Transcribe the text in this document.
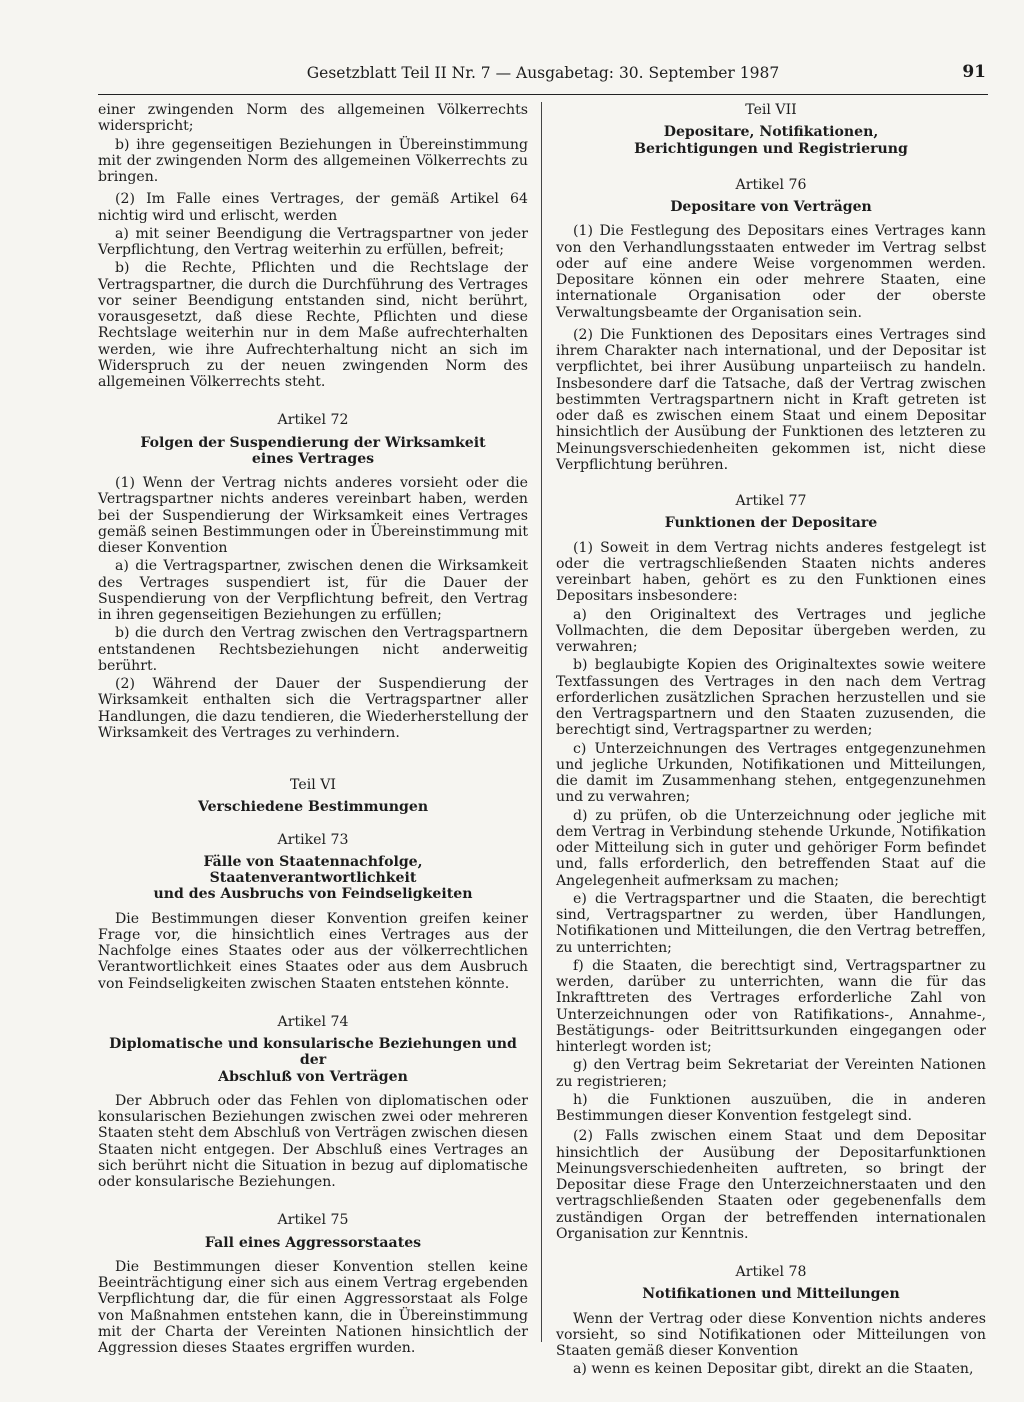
Gesetzblatt Teil II Nr. 7 — Ausgabetag: 30. September 1987	91

einer zwingenden Norm des allgemeinen Völkerrechts widerspricht;

b) ihre gegenseitigen Beziehungen in Übereinstimmung mit der zwingenden Norm des allgemeinen Völkerrechts zu bringen.

(2) Im Falle eines Vertrages, der gemäß Artikel 64 nichtig wird und erlischt, werden

a) mit seiner Beendigung die Vertragspartner von jeder Verpflichtung, den Vertrag weiterhin zu erfüllen, befreit;

b) die Rechte, Pflichten und die Rechtslage der Vertragspartner, die durch die Durchführung des Vertrages vor seiner Beendigung entstanden sind, nicht berührt, vorausgesetzt, daß diese Rechte, Pflichten und diese Rechtslage weiterhin nur in dem Maße aufrechterhalten werden, wie ihre Aufrechterhaltung nicht an sich im Widerspruch zu der neuen zwingenden Norm des allgemeinen Völkerrechts steht.

Artikel 72
Folgen der Suspendierung der Wirksamkeit
eines Vertrages

(1) Wenn der Vertrag nichts anderes vorsieht oder die Vertragspartner nichts anderes vereinbart haben, werden bei der Suspendierung der Wirksamkeit eines Vertrages gemäß seinen Bestimmungen oder in Übereinstimmung mit dieser Konvention

a) die Vertragspartner, zwischen denen die Wirksamkeit des Vertrages suspendiert ist, für die Dauer der Suspendierung von der Verpflichtung befreit, den Vertrag in ihren gegenseitigen Beziehungen zu erfüllen;

b) die durch den Vertrag zwischen den Vertragspartnern entstandenen Rechtsbeziehungen nicht anderweitig berührt.

(2) Während der Dauer der Suspendierung der Wirksamkeit enthalten sich die Vertragspartner aller Handlungen, die dazu tendieren, die Wiederherstellung der Wirksamkeit des Vertrages zu verhindern.

Teil VI
Verschiedene Bestimmungen
Artikel 73
Fälle von Staatennachfolge, Staatenverantwortlichkeit
und des Ausbruchs von Feindseligkeiten

Die Bestimmungen dieser Konvention greifen keiner Frage vor, die hinsichtlich eines Vertrages aus der Nachfolge eines Staates oder aus der völkerrechtlichen Verantwortlichkeit eines Staates oder aus dem Ausbruch von Feindseligkeiten zwischen Staaten entstehen könnte.

Artikel 74
Diplomatische und konsularische Beziehungen und der
Abschluß von Verträgen

Der Abbruch oder das Fehlen von diplomatischen oder konsularischen Beziehungen zwischen zwei oder mehreren Staaten steht dem Abschluß von Verträgen zwischen diesen Staaten nicht entgegen. Der Abschluß eines Vertrages an sich berührt nicht die Situation in bezug auf diplomatische oder konsularische Beziehungen.

Artikel 75
Fall eines Aggressorstaates

Die Bestimmungen dieser Konvention stellen keine Beeinträchtigung einer sich aus einem Vertrag ergebenden Verpflichtung dar, die für einen Aggressorstaat als Folge von Maßnahmen entstehen kann, die in Übereinstimmung mit der Charta der Vereinten Nationen hinsichtlich der Aggression dieses Staates ergriffen wurden.

Teil VII
Depositare, Notifikationen,
Berichtigungen und Registrierung
Artikel 76
Depositare von Verträgen

(1) Die Festlegung des Depositars eines Vertrages kann von den Verhandlungsstaaten entweder im Vertrag selbst oder auf eine andere Weise vorgenommen werden. Depositare können ein oder mehrere Staaten, eine internationale Organisation oder der oberste Verwaltungsbeamte der Organisation sein.

(2) Die Funktionen des Depositars eines Vertrages sind ihrem Charakter nach international, und der Depositar ist verpflichtet, bei ihrer Ausübung unparteiisch zu handeln. Insbesondere darf die Tatsache, daß der Vertrag zwischen bestimmten Vertragspartnern nicht in Kraft getreten ist oder daß es zwischen einem Staat und einem Depositar hinsichtlich der Ausübung der Funktionen des letzteren zu Meinungsverschiedenheiten gekommen ist, nicht diese Verpflichtung berühren.

Artikel 77
Funktionen der Depositare

(1) Soweit in dem Vertrag nichts anderes festgelegt ist oder die vertragschließenden Staaten nichts anderes vereinbart haben, gehört es zu den Funktionen eines Depositars insbesondere:

a) den Originaltext des Vertrages und jegliche Vollmachten, die dem Depositar übergeben werden, zu verwahren;

b) beglaubigte Kopien des Originaltextes sowie weitere Textfassungen des Vertrages in den nach dem Vertrag erforderlichen zusätzlichen Sprachen herzustellen und sie den Vertragspartnern und den Staaten zuzusenden, die berechtigt sind, Vertragspartner zu werden;

c) Unterzeichnungen des Vertrages entgegenzunehmen und jegliche Urkunden, Notifikationen und Mitteilungen, die damit im Zusammenhang stehen, entgegenzunehmen und zu verwahren;

d) zu prüfen, ob die Unterzeichnung oder jegliche mit dem Vertrag in Verbindung stehende Urkunde, Notifikation oder Mitteilung sich in guter und gehöriger Form befindet und, falls erforderlich, den betreffenden Staat auf die Angelegenheit aufmerksam zu machen;

e) die Vertragspartner und die Staaten, die berechtigt sind, Vertragspartner zu werden, über Handlungen, Notifikationen und Mitteilungen, die den Vertrag betreffen, zu unterrichten;

f) die Staaten, die berechtigt sind, Vertragspartner zu werden, darüber zu unterrichten, wann die für das Inkrafttreten des Vertrages erforderliche Zahl von Unterzeichnungen oder von Ratifikations-, Annahme-, Bestätigungs- oder Beitrittsurkunden eingegangen oder hinterlegt worden ist;

g) den Vertrag beim Sekretariat der Vereinten Nationen zu registrieren;

h) die Funktionen auszuüben, die in anderen Bestimmungen dieser Konvention festgelegt sind.

(2) Falls zwischen einem Staat und dem Depositar hinsichtlich der Ausübung der Depositarfunktionen Meinungsverschiedenheiten auftreten, so bringt der Depositar diese Frage den Unterzeichnerstaaten und den vertragschließenden Staaten oder gegebenenfalls dem zuständigen Organ der betreffenden internationalen Organisation zur Kenntnis.

Artikel 78
Notifikationen und Mitteilungen

Wenn der Vertrag oder diese Konvention nichts anderes vorsieht, so sind Notifikationen oder Mitteilungen von Staaten gemäß dieser Konvention

a) wenn es keinen Depositar gibt, direkt an die Staaten,
